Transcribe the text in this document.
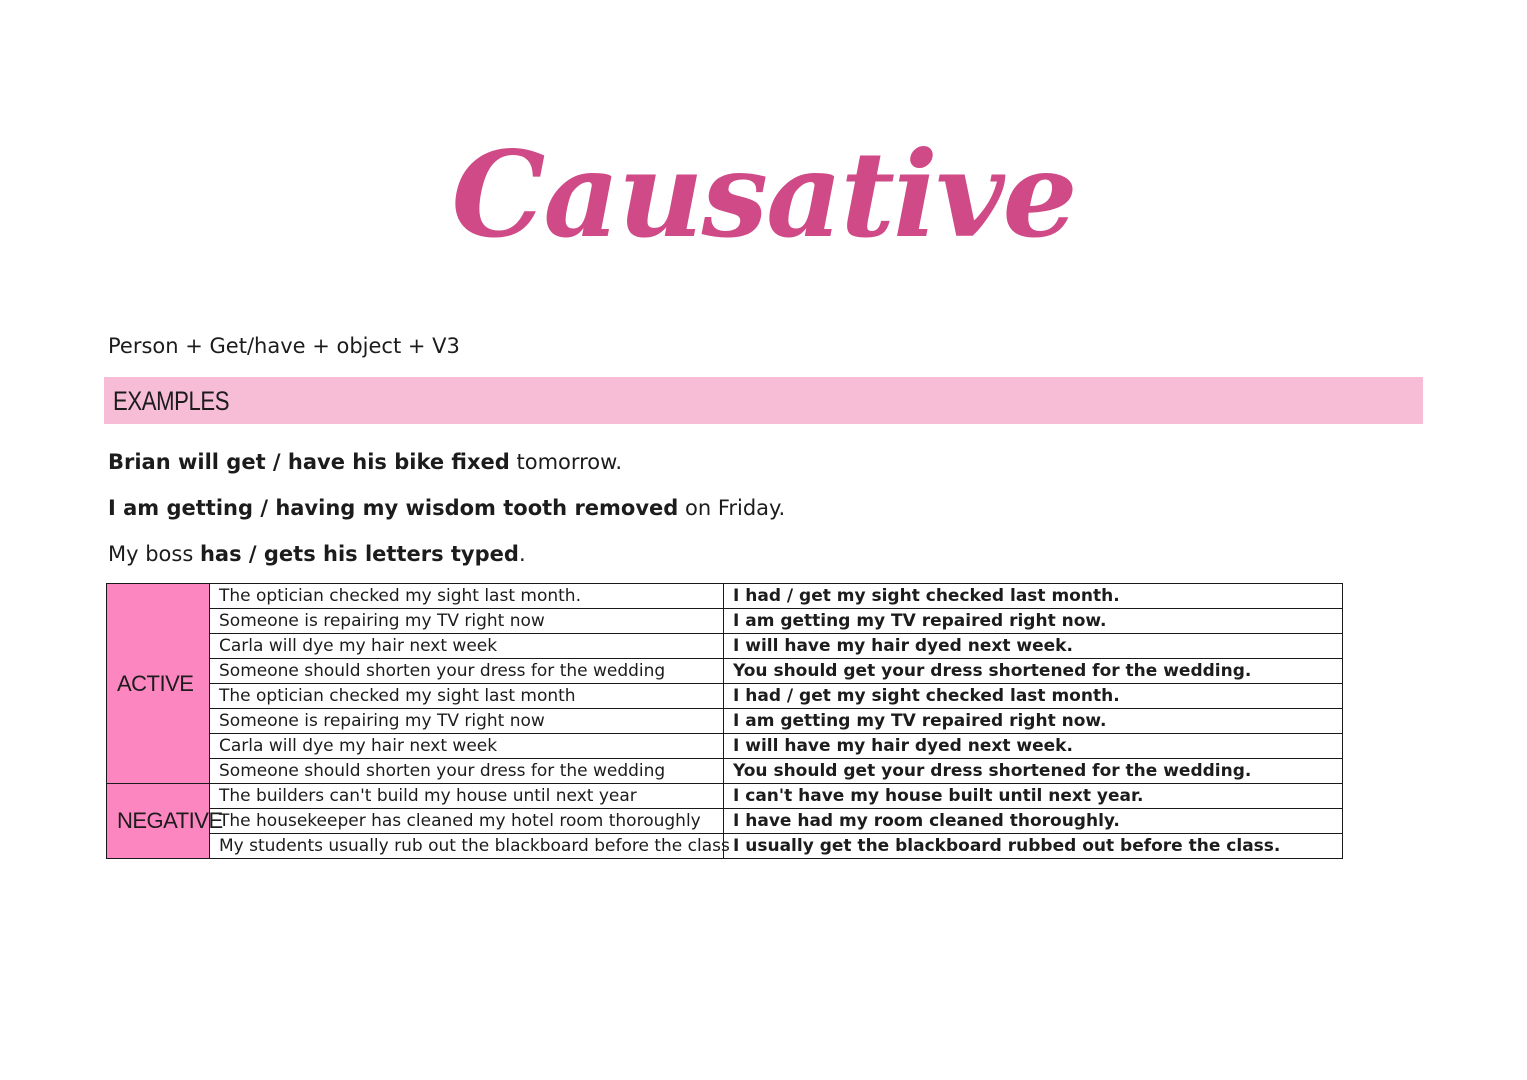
Causative
Person + Get/have + object + V3
EXAMPLES
Brian will get / have his bike fixed tomorrow.
I am getting / having my wisdom tooth removed on Friday.
My boss has / gets his letters typed.
ACTIVE	The optician checked my sight last month.	I had / get my sight checked last month.
	Someone is repairing my TV right now	I am getting my TV repaired right now.
	Carla will dye my hair next week	I will have my hair dyed next week.
	Someone should shorten your dress for the wedding	You should get your dress shortened for the wedding.
	The optician checked my sight last month	I had / get my sight checked last month.
	Someone is repairing my TV right now	I am getting my TV repaired right now.
	Carla will dye my hair next week	I will have my hair dyed next week.
	Someone should shorten your dress for the wedding	You should get your dress shortened for the wedding.
NEGATIVE	The builders can't build my house until next year	I can't have my house built until next year.
	The housekeeper has cleaned my hotel room thoroughly	I have had my room cleaned thoroughly.
	My students usually rub out the blackboard before the class	I usually get the blackboard rubbed out before the class.
